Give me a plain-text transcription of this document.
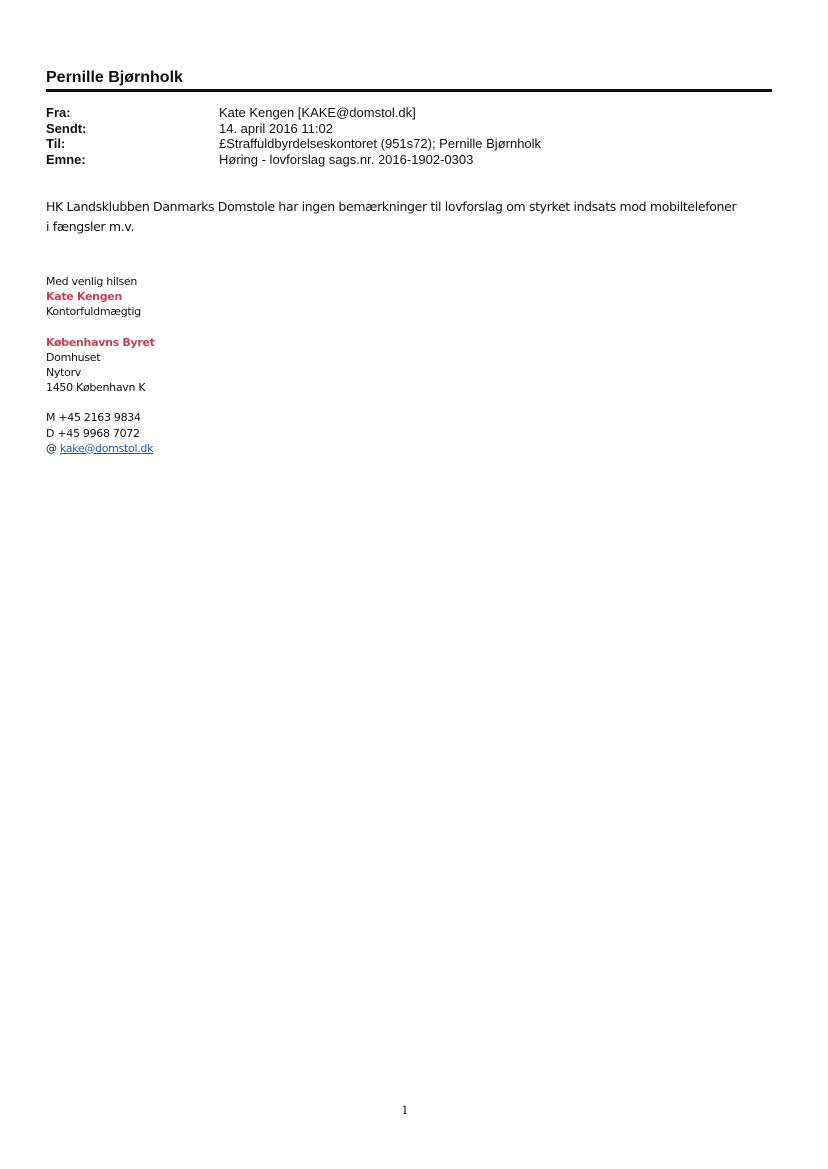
Pernille Bjørnholk
Fra:	Kate Kengen [KAKE@domstol.dk]
Sendt:	14. april 2016 11:02
Til:	£Straffuldbyrdelseskontoret (951s72); Pernille Bjørnholk
Emne:	Høring - lovforslag sags.nr. 2016-1902-0303
HK Landsklubben Danmarks Domstole har ingen bemærkninger til lovforslag om styrket indsats mod mobiltelefoner
i fængsler m.v.
Med venlig hilsen
Kate Kengen
Kontorfuldmægtig
Københavns Byret
Domhuset
Nytorv
1450 København K
M +45 2163 9834
D +45 9968 7072
@ kake@domstol.dk
1
